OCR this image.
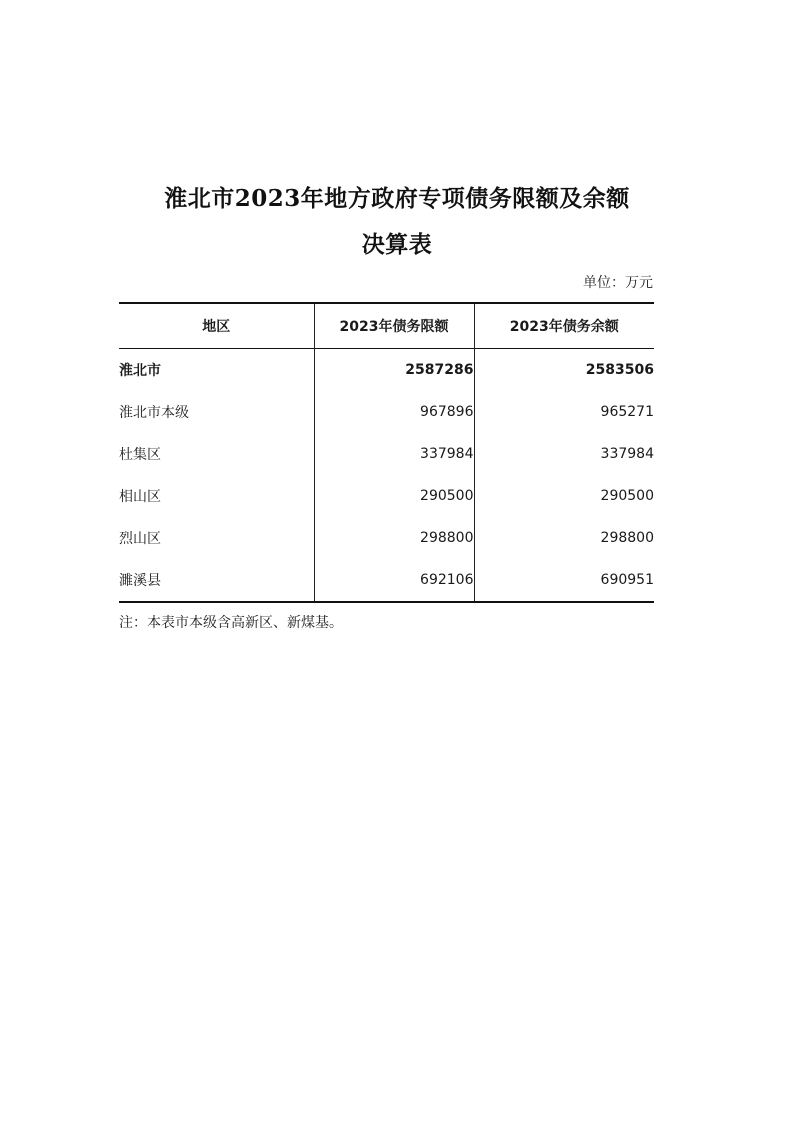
淮北市2023年地方政府专项债务限额及余额
决算表
单位：万元
地区	2023年债务限额	2023年债务余额
淮北市	2587286	2583506
淮北市本级	967896	965271
杜集区	337984	337984
相山区	290500	290500
烈山区	298800	298800
濉溪县	692106	690951
注：本表市本级含高新区、新煤基。
